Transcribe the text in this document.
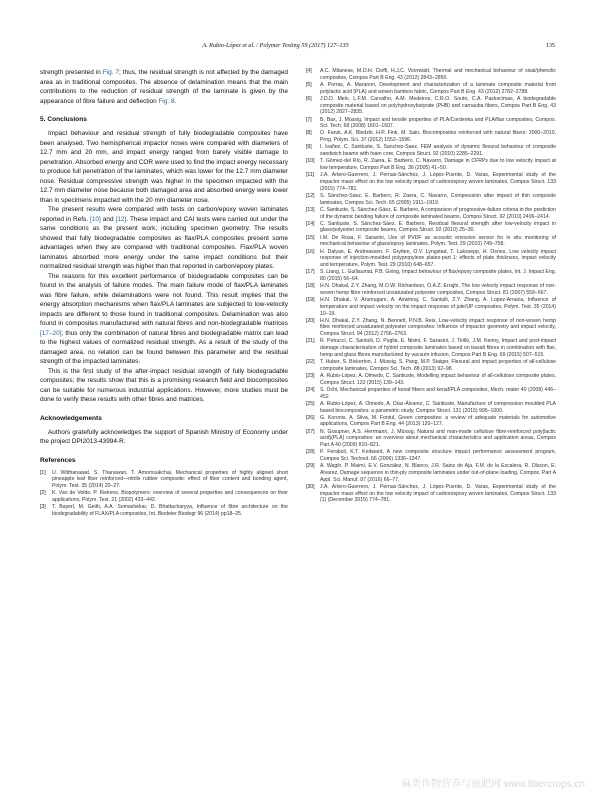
A. Rubio-López et al. / Polymer Testing 59 (2017) 127–135	135

strength presented in Fig. 7; thus, the residual strength is not affected by the damaged area as in traditional composites. The absence of delamination means that the main contributions to the reduction of residual strength of the laminate is given by the appearance of fibre failure and deflection Fig. 8.

5. Conclusions

Impact behaviour and residual strength of fully biodegradable composites have been analysed. Two hemispherical impactor noses were compared with diameters of 12.7 mm and 20 mm, and impact energy ranged from barely visible damage to penetration. Absorbed energy and COR were used to find the impact energy necessary to produce full penetration of the laminates, which was lower for the 12.7 mm diameter nose. Residual compressive strength was higher in the specimen impacted with the 12.7 mm diameter nose because both damaged area and absorbed energy were lower than in specimens impacted with the 20 mm diameter nose.

The present results were compared with tests on carbon/epoxy woven laminates reported in Refs. [10] and [12]. These impact and CAI tests were carried out under the same conditions as the present work, including specimen geometry. The results showed that fully biodegradable composites as flax/PLA composites present some advantages when they are compared with traditional composites. Flax/PLA woven laminates absorbed more energy under the same impact conditions but their normalized residual strength was higher than that reported in carbon/epoxy plates.

The reasons for this excellent performance of biodegradable composites can be found in the analysis of failure modes. The main failure mode of flax/PLA laminates was fibre failure, while delaminations were not found. This result implies that the energy absorption mechanisms when flax/PLA laminates are subjected to low-velocity impacts are different to those found in traditional composites. Delamination was also found in composites manufactured with natural fibres and non-biodegradable matrices [17–20], thus only the combination of natural fibres and biodegradable matrix can lead to the highest values of normalized residual strength. As a result of the study of the damaged area, no relation can be found between this parameter and the residual strength of the impacted laminates.

This is the first study of the after-impact residual strength of fully biodegradable composites; the results show that this is a promising research field and biocomposites can be suitable for numerous industrial applications. However, more studies must be done to verify these results with other fibres and matrices.

Acknowledgements

Authors gratefully acknowledges the support of Spanish Ministry of Economy under the project DPI2013-43994-R.

References
[1]	U. Witthanawat, S. Thanawan, T. Amornsakchai, Mechanical properties of highly aligned short pineapple leaf fiber reinforced—nitrile rubber composite: effect of fiber content and bonding agent, Polym. Test. 35 (2014) 20–27.
[2]	K. Van de Velde, P. Kiekens, Biopolymers: overview of several properties and consequences on their applications, Polym. Test. 21 (2002) 433–442.
[3]	T. Bayerl, M. Geith, A.A. Somashekar, D. Bhattacharyya, Influence of fibre architecture on the biodegradability of FLAX/PLA composites, Int. Biodeter Biodegr 96 (2014) pp18–25.
[4]	A.C. Milanese, M.O.H. Cioffi, H.J.C. Voorwald, Thermal and mechanical behaviour of sisal/phenolic composites, Compos Part B Eng. 43 (2012) 2843–2850.
[5]	A. Porras, A. Maranon, Development and characterization of a laminate composite material from polylactic acid (PLA) and woven bamboo fabric, Compos Part B Eng. 43 (2012) 2782–2788.
[6]	J.D.D. Melo, L.F.M. Carvalho, A.M. Medeiros, C.R.O. Souto, C.A. Paskocimas, A biodegradable composite material based on polyhydroxybutyrate (PHB) and carnauba fibers, Compos Part B Eng. 43 (2012) 2827–2835.
[7]	B. Bax, J. Müssig, Impact and tensile properties of PLA/Cordenka and PLA/flax composites, Compos. Sci. Tech. 68 (2008) 1601–1607.
[8]	O. Faruk, A.K. Bledzki, H.P. Fink, M. Sain, Biocomposites reinforced with natural fibers: 2000–2010, Prog. Polym. Sci. 37 (2012) 1552–1596.
[9]	I. Ivañez, C. Santiuste, S. Sanchez-Saez, FEM analysis of dynamic flexural behaviour of composite sandwich beams with foam core, Compos Struct. 92 (2010) 2285–2291.
[10]	T. Gómez-del Río, R. Zaera, E. Barbero, C. Navarro, Damage in CFRPs due to low velocity impact at low temperature, Compos Part B Eng. 36 (2005) 41–50.
[11]	J.A. Artero-Guerrero, J. Pernas-Sánchez, J. López-Puente, D. Varas, Experimental study of the impactor mass effect on the low velocity impact of carbon/epoxy woven laminates, Compos Struct. 133 (2015) 774–781.
[12]	S. Sánchez-Sáez, E. Barbero, R. Zaera, C. Navarro, Compression after impact of thin composite laminates, Compos Sci. Tech. 65 (2005) 1911–1919.
[13]	C. Santiuste, S. Sánchez-Sáez, E. Barbero, A comparison of progressive-failure criteria in the prediction of the dynamic bending failure of composite laminated beams, Compos Struct. 92 (2010) 2406–2414.
[14]	C. Santiuste, S. Sánchez-Sáez, E. Barbero, Residual flexural strength after low-velocity impact in glass/polyester composite beams, Compos Struct. 92 (2010) 25–30.
[15]	I.M. De Rosa, F. Sarasini, Use of PVDF as acoustic emission sensor for in situ monitoring of mechanical behaviour of glass/epoxy laminates, Polym. Test. 29 (2010) 749–758.
[16]	H. Dalyan, E. Andreassen, F. Grytten, O.V. Lyngstad, T. Lukssepp, H. Osnes, Low velocity impact response of injection-moulded polypropylene plates-part 1: effects of plate thickness, impact velocity and temperature, Polym. Test. 29 (2010) 648–657.
[17]	S. Liang, L. Guillaumat, P.B. Gning, Impact behaviour of flax/epoxy composite plates, Int. J. Impact Eng. 80 (2015) 56–64.
[18]	H.N. Dhakal, Z.Y. Zhang, M.O.W. Richardson, O.A.Z. Errajhi, The low velocity impact response of non-woven hemp fibre reinforced unsaturated polyester composites, Compos Struct. 81 (2007) 559–567.
[19]	H.N. Dhakal, V. Arumugam, A. Aswinraj, C. Santulli, Z.Y. Zhang, A. Lopez-Arraiza, Influence of temperature and impact velocity on the impact response of jute/UP composites, Polym. Test. 35 (2014) 10–19.
[20]	H.N. Dhakal, Z.Y. Zhang, N. Bennett, P.N.B. Reis, Low-velocity impact response of non-woven hemp fibre reinforced unsaturated polyester composites: Influence of impactor geometry and impact velocity, Compos Struct. 94 (2012) 2756–2763.
[21]	R. Petrucci, C. Santulli, D. Puglia, E. Nisini, F. Sarasini, J. Tirillò, J.M. Kenny, Impact and post-impact damage characterisation of hybrid composite laminates based on basalt fibres in combination with flax, hemp and glass fibres manufactured by vacuum infusion, Compos Part B Eng. 69 (2015) 507–515.
[22]	T. Huber, S. Bickerton, J. Müssig, S. Pang, M.P. Staiger, Flexural and impact properties of all-cellulose composite laminates, Compos Sci. Tech. 88 (2013) 92–98.
[23]	A. Rubio-López, A. Olmedo, C. Santiuste, Modelling impact behaviour of all-cellulose composite plates, Compos Struct. 122 (2015) 139–143.
[24]	S. Ochi, Mechanical properties of kenaf fibers and kenaf/PLA composites, Mech. mater 40 (2008) 446–452.
[25]	A. Rubio-López, A. Olmedo, A. Díaz-Álvarez, C. Santiuste, Manufacture of compression moulded PLA based biocomposites: a parametric study, Compos Struct. 131 (2015) 995–1000.
[26]	G. Koronis, A. Silva, M. Fontul, Green composites: a review of adequate materials for automotive applications, Compos Part B Eng. 44 (2013) 120–127.
[27]	N. Graupner, A.S. Herrmann, J. Müssig, Natural and man-made cellulose fibre-reinforced poly(lactic acid)(PLA) composites: an overview about mechanical characteristics and application areas, Compos Part A 40 (2009) 810–821.
[28]	P. Feraboli, K.T. Kedward, A new composite structure impact performance assessment program, Compos Sci. Technol. 66 (2006) 1336–1347.
[29]	A. Wagih, P. Maimí, E.V. González, N. Blanco, J.R. Sainz de Aja, F.M. de la Escalera, R. Olsson, E. Alvarez, Damage sequence in thin-ply composite laminates under out-of-plane loading, Compos. Part A Appl. Sci. Manuf. 87 (2016) 66–77.
[30]	J.A. Artero-Guerrero, J. Pernas-Sánchez, J. López-Puente, D. Varas, Experimental study of the impactor mass effect on the low velocity impact of carbon/epoxy woven laminates, Compos Struct. 133 (1) (December 2015) 774–781.
麻类作物营养与施肥网 www.fibercrops.cn
